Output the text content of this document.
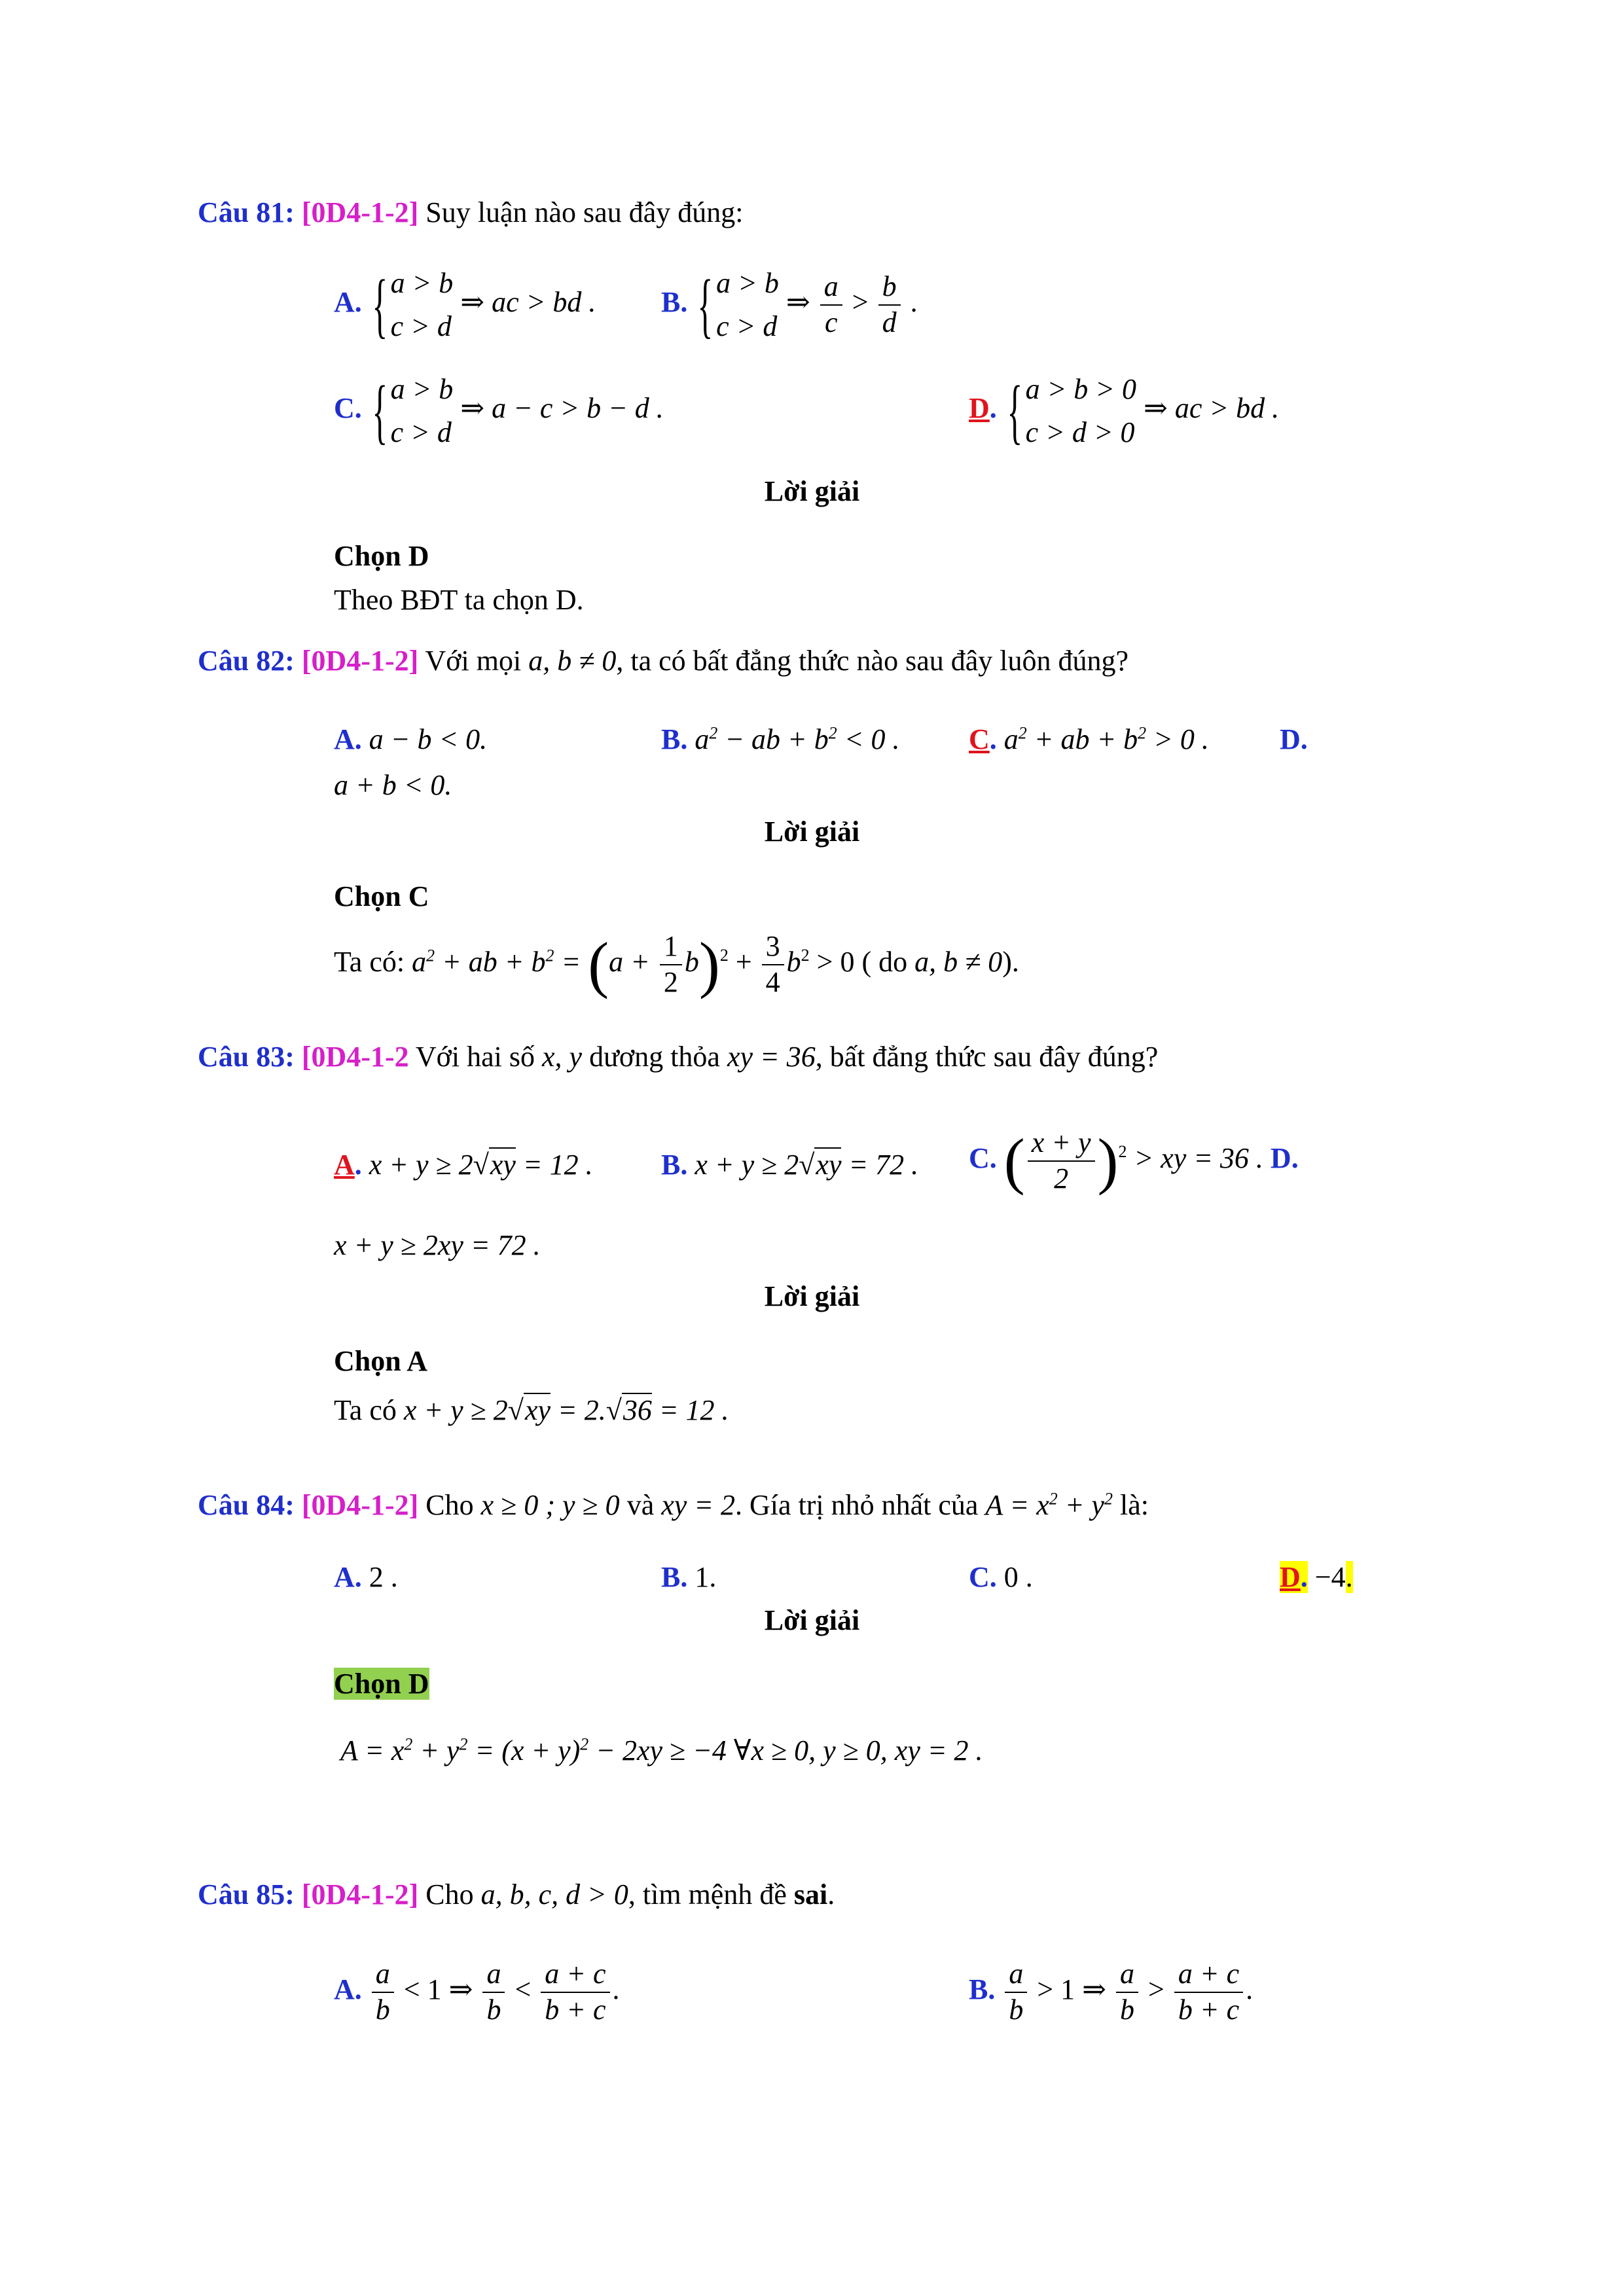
Câu 81: [0D4-1-2] Suy luận nào sau đây đúng:
A. { a > b
c > d
⇒ ac > bd . B. { a > b
c > d
⇒ $\frac{a}{c} > \frac{b}{d}$ .
C. { a > b
c > d
⇒ a − c > b − d .	D. { a > b > 0
c > d > 0
⇒ ac > bd .
Lời giải
Chọn D
Theo BĐT ta chọn D.
Câu 82: [0D4-1-2] Với mọi a, b ≠ 0, ta có bất đẳng thức nào sau đây luôn đúng?
A. a − b < 0.	B. $a^2$ − ab + $b^2 < 0$ . C. $a^2$ + ab + $b^2 > 0$ . D.
a + b < 0.
Lời giải
Chọn C
Ta có: $a^2$ + ab + $b^2 = (a + \frac{1}{2} b)^2 + \frac{3}{4} b^2 > 0$ ( do a, b ≠ 0).
Câu 83: [0D4-1-2 Với hai số x, y dương thỏa xy = 36, bất đẳng thức sau đây đúng?
A. x + y ≥ 2√xy = 12 . B. x + y ≥ 2√xy = 72 . C. ( $\frac{x + y}{2} )^2$ > xy = 36 . D.
x + y ≥ 2xy = 72 .
Lời giải
Chọn A
Ta có x + y ≥ 2√xy = 2.√36 = 12 .
Câu 84: [0D4-1-2] Cho x ≥ 0 ; y ≥ 0 và xy = 2. Gía trị nhỏ nhất của $A = x^2 + y^2$ là:
A. 2 .	B. 1.	C. 0 .	D. −4.
Lời giải
Chọn D
$A = x^2 + y^2 = (x + y)^2 - 2xy \ge -4$ ∀x ≥ 0, y ≥ 0, xy = 2 .
Câu 85: [0D4-1-2] Cho a, b, c, d > 0, tìm mệnh đề sai.
A. $\frac{a}{b} < 1$ ⇒ $\frac{a}{b} < \frac{a + c}{b + c}$ .	B. $\frac{a}{b} > 1$ ⇒ $\frac{a}{b} > \frac{a + c}{b + c}$ .
